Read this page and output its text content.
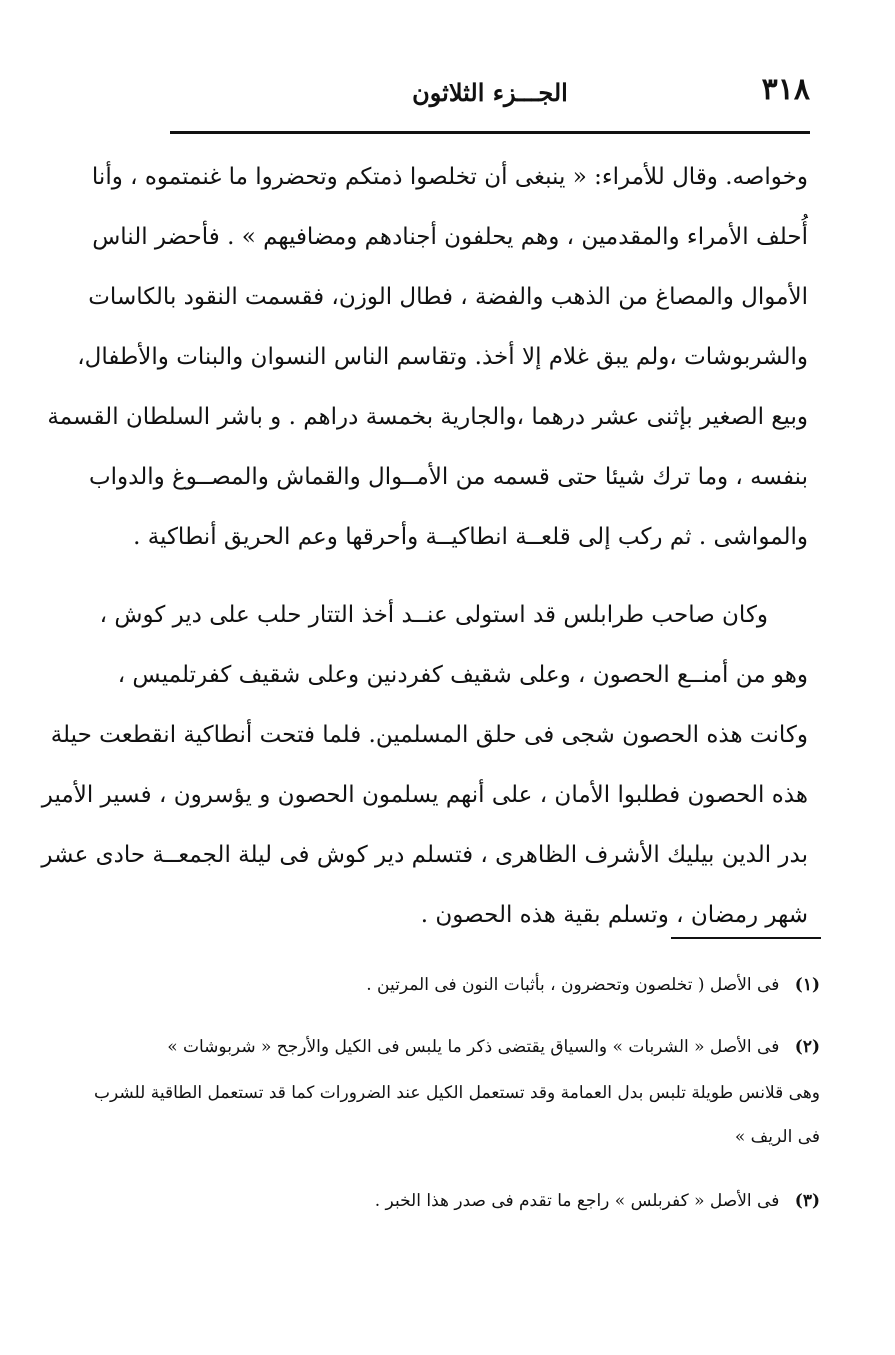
٣١٨
الجـــزء الثلاثون
وخواصه. وقال للأمراء: « ينبغى أن تخلصوا ذمتكم وتحضروا ما غنمتموه ، وأنا
أُحلف الأمراء والمقدمين ، وهم يحلفون أجنادهم ومضافيهم » . فأحضر الناس
الأموال والمصاغ من الذهب والفضة ، فطال الوزن، فقسمت النقود بالكاسات
والشربوشات ،ولم يبق غلام إلا أخذ. وتقاسم الناس النسوان والبنات والأطفال،
وبيع الصغير بإثنى عشر درهما ،والجارية بخمسة دراهم . و باشر السلطان القسمة
بنفسه ، وما ترك شيئا حتى قسمه من الأمــوال والقماش والمصــوغ والدواب
والمواشى . ثم ركب إلى قلعــة انطاكيــة وأحرقها وعم الحريق أنطاكية .
وكان صاحب طرابلس قد استولى عنــد أخذ التتار حلب على دير كوش ،
وهو من أمنــع الحصون ، وعلى شقيف كفردنين وعلى شقيف كفرتلميس ،
وكانت هذه الحصون شجى فى حلق المسلمين. فلما فتحت أنطاكية انقطعت حيلة
هذه الحصون فطلبوا الأمان ، على أنهم يسلمون الحصون و يؤسرون ، فسير الأمير
بدر الدين بيليك الأشرف الظاهرى ، فتسلم دير كوش فى ليلة الجمعــة حادى عشر
شهر رمضان ، وتسلم بقية هذه الحصون .
(١) فى الأصل ( تخلصون وتحضرون ، بأثبات النون فى المرتين .
(٢) فى الأصل « الشربات » والسياق يقتضى ذكر ما يلبس فى الكيل والأرجح « شربوشات »
وهى قلانس طويلة تلبس بدل العمامة وقد تستعمل الكيل عند الضرورات كما قد تستعمل الطاقية للشرب
فى الريف »
(٣) فى الأصل « كفربلس » راجع ما تقدم فى صدر هذا الخبر .
